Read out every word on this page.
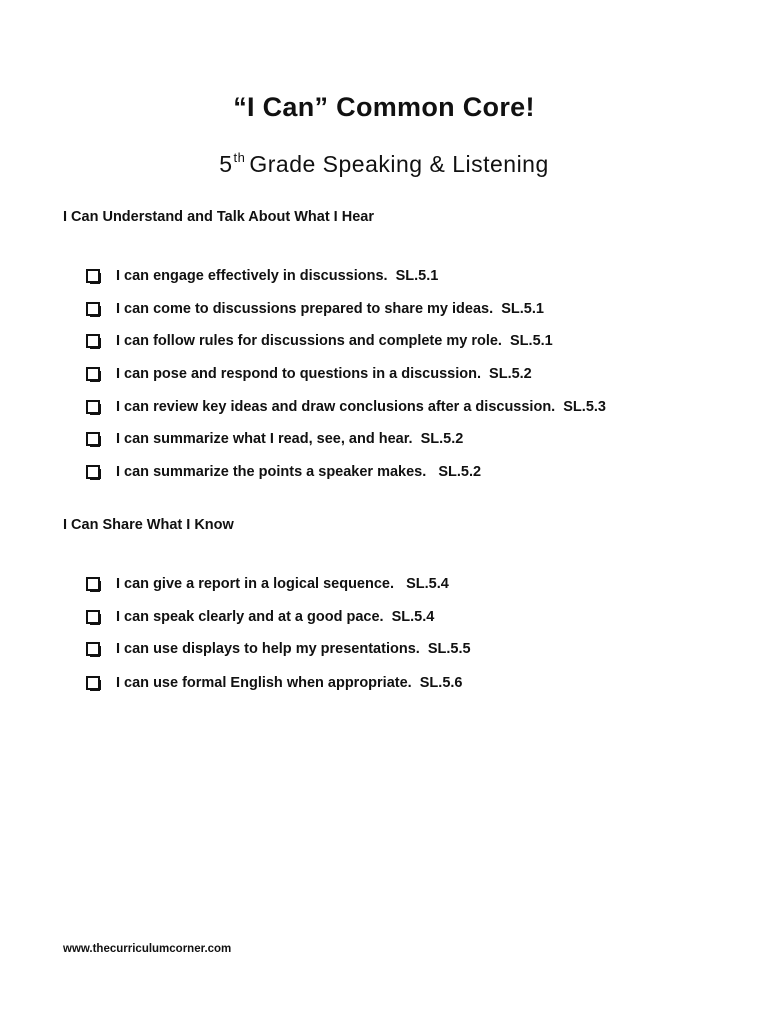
“I Can” Common Core!
5th Grade Speaking & Listening
I Can Understand and Talk About What I Hear
I can engage effectively in discussions.  SL.5.1
I can come to discussions prepared to share my ideas.  SL.5.1
I can follow rules for discussions and complete my role.  SL.5.1
I can pose and respond to questions in a discussion.  SL.5.2
I can review key ideas and draw conclusions after a discussion.  SL.5.3
I can summarize what I read, see, and hear.  SL.5.2
I can summarize the points a speaker makes.   SL.5.2
I Can Share What I Know
I can give a report in a logical sequence.   SL.5.4
I can speak clearly and at a good pace.  SL.5.4
I can use displays to help my presentations.  SL.5.5
I can use formal English when appropriate.  SL.5.6
www.thecurriculumcorner.com
